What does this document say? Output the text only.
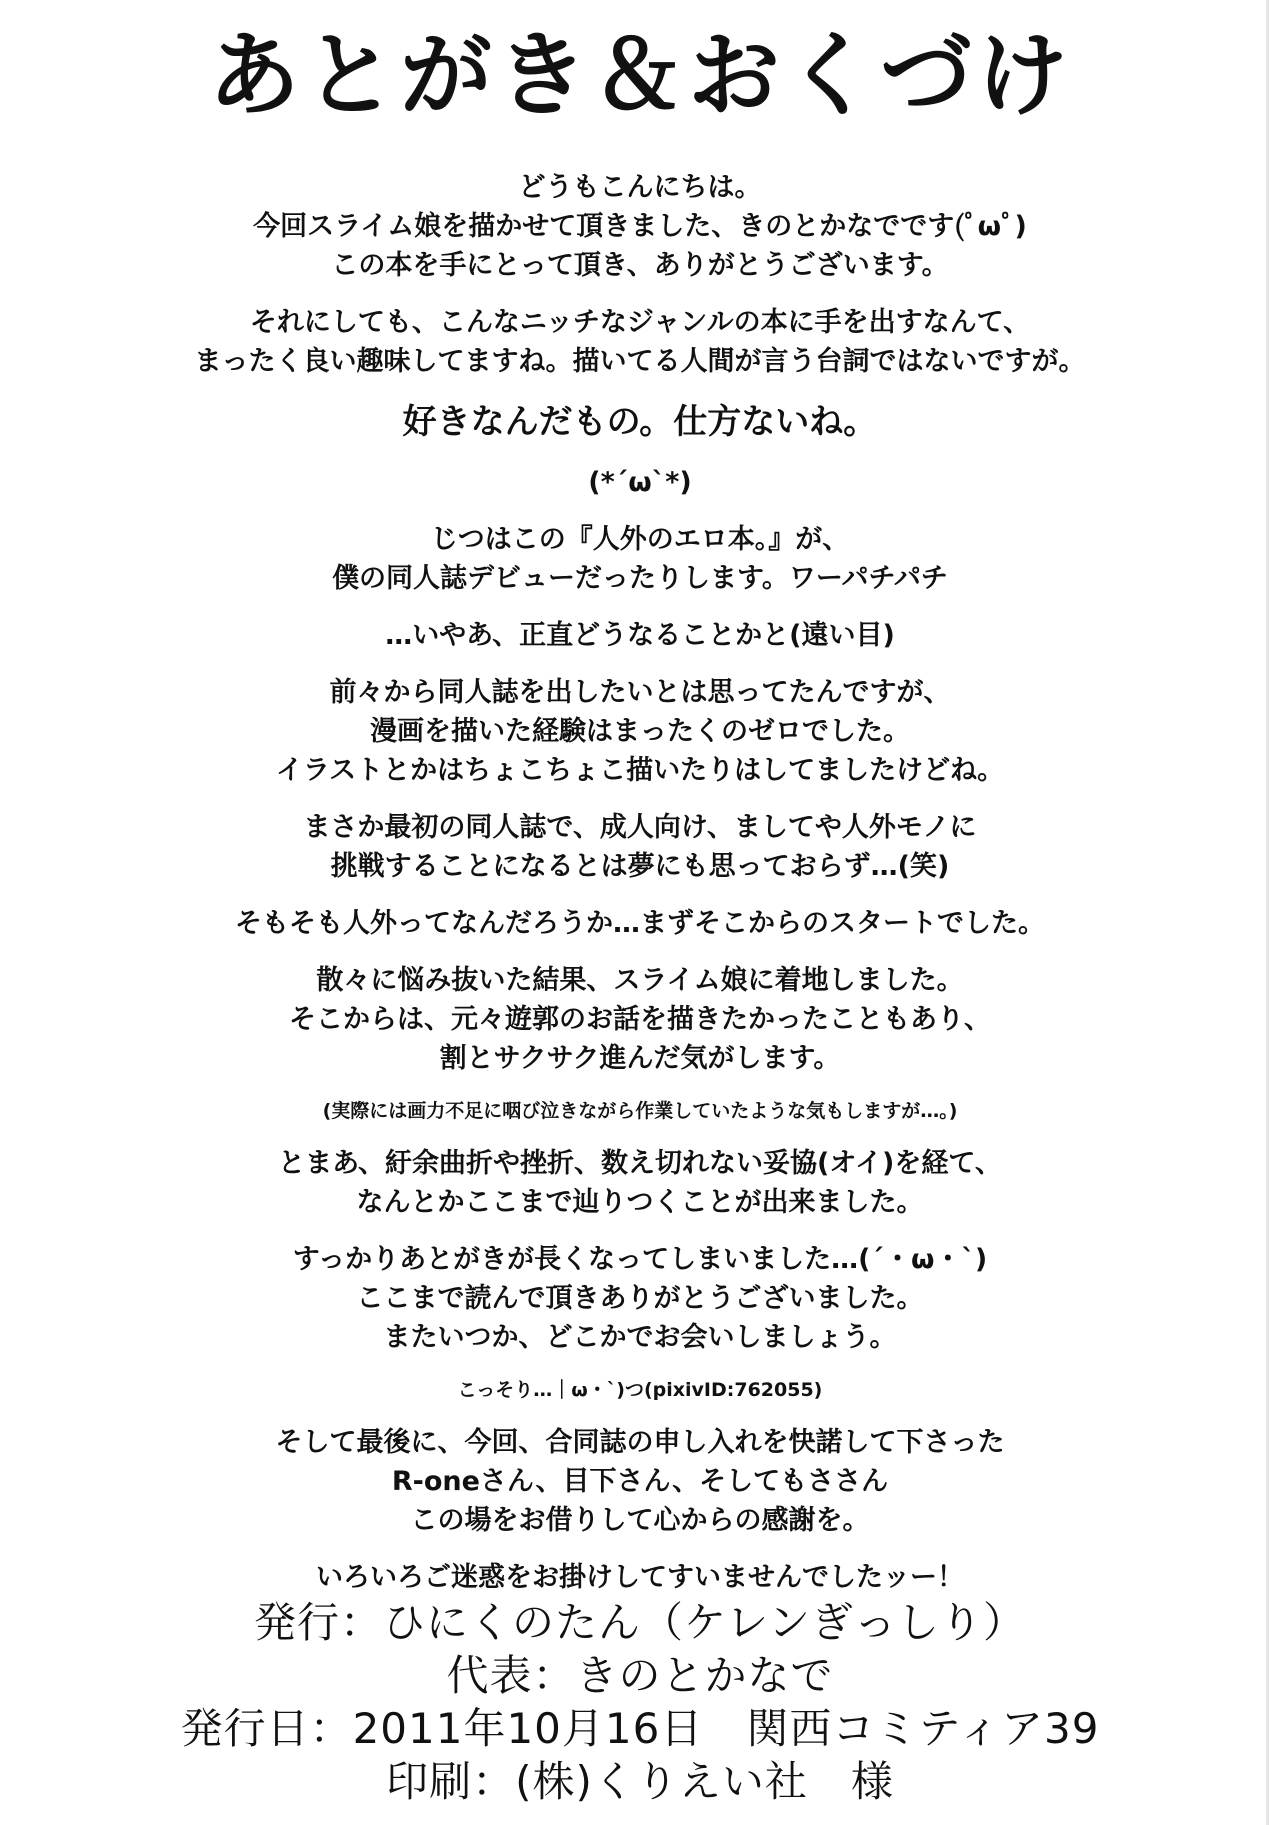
あとがき＆おくづけ
どうもこんにちは。
今回スライム娘を描かせて頂きました、きのとかなでです(ﾟωﾟ)
この本を手にとって頂き、ありがとうございます。
それにしても、こんなニッチなジャンルの本に手を出すなんて、
まったく良い趣味してますね。描いてる人間が言う台詞ではないですが。
好きなんだもの。仕方ないね。
(*´ω`*)
じつはこの『人外のエロ本。』が、
僕の同人誌デビューだったりします。ワーパチパチ
…いやあ、正直どうなることかと(遠い目)
前々から同人誌を出したいとは思ってたんですが、
漫画を描いた経験はまったくのゼロでした。
イラストとかはちょこちょこ描いたりはしてましたけどね。
まさか最初の同人誌で、成人向け、ましてや人外モノに
挑戦することになるとは夢にも思っておらず…(笑)
そもそも人外ってなんだろうか…まずそこからのスタートでした。
散々に悩み抜いた結果、スライム娘に着地しました。
そこからは、元々遊郭のお話を描きたかったこともあり、
割とサクサク進んだ気がします。
(実際には画力不足に咽び泣きながら作業していたような気もしますが…。)
とまあ、紆余曲折や挫折、数え切れない妥協(オイ)を経て、
なんとかここまで辿りつくことが出来ました。
すっかりあとがきが長くなってしまいました…(´・ω・`)
ここまで読んで頂きありがとうございました。
またいつか、どこかでお会いしましょう。
こっそり…｜ω・`)つ(pixivID:762055)
そして最後に、今回、合同誌の申し入れを快諾して下さった
R-oneさん、目下さん、そしてもささん
この場をお借りして心からの感謝を。
いろいろご迷惑をお掛けしてすいませんでしたッー！
発行：ひにくのたん（ケレンぎっしり）
代表：きのとかなで
発行日：2011年10月16日　関西コミティア39
印刷：(株)くりえい社　様
